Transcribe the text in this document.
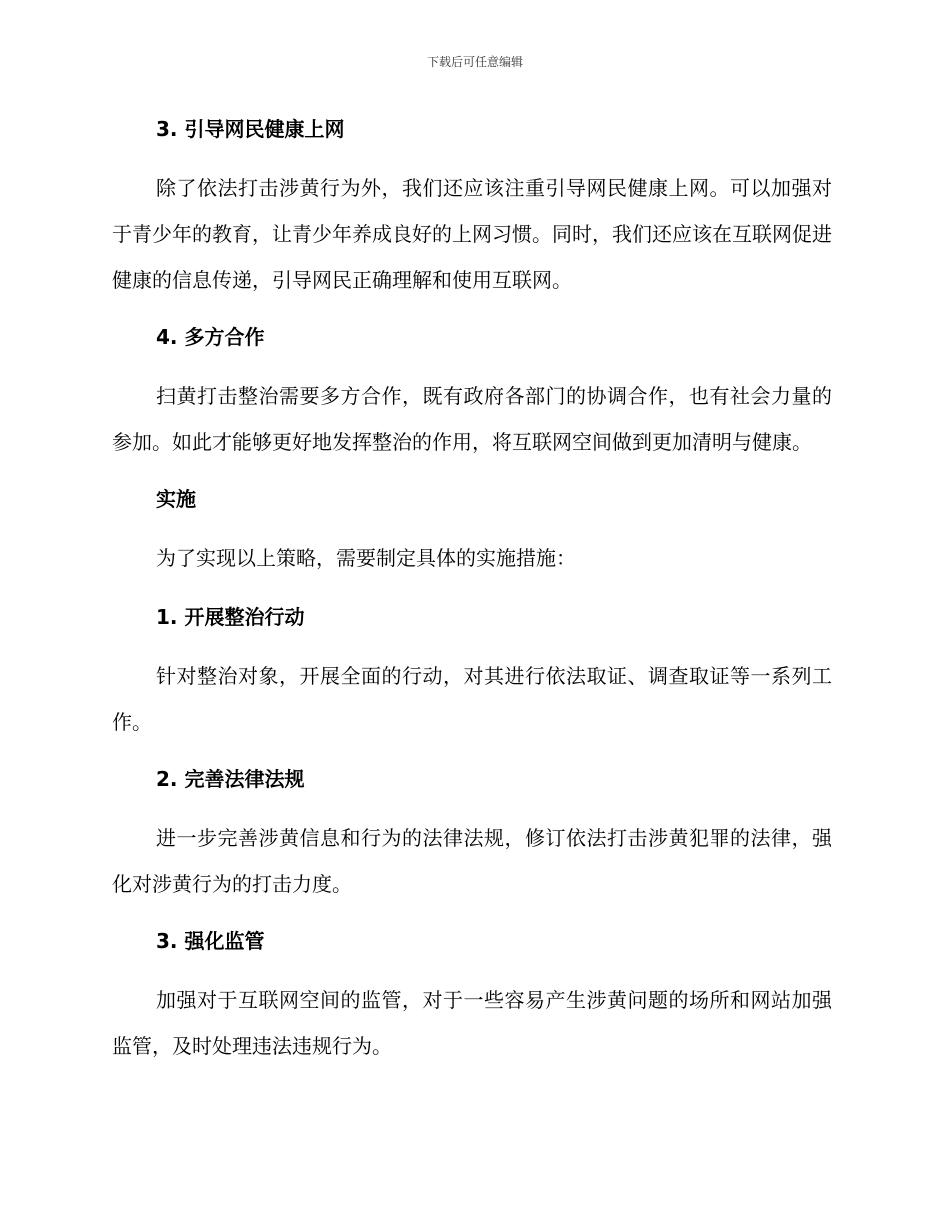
下载后可任意编辑
3. 引导网民健康上网

除了依法打击涉黄行为外，我们还应该注重引导网民健康上网。可以加强对于青少年的教育，让青少年养成良好的上网习惯。同时，我们还应该在互联网促进健康的信息传递，引导网民正确理解和使用互联网。

4. 多方合作

扫黄打击整治需要多方合作，既有政府各部门的协调合作，也有社会力量的参加。如此才能够更好地发挥整治的作用，将互联网空间做到更加清明与健康。

实施

为了实现以上策略，需要制定具体的实施措施：

1. 开展整治行动

针对整治对象，开展全面的行动，对其进行依法取证、调查取证等一系列工作。

2. 完善法律法规

进一步完善涉黄信息和行为的法律法规，修订依法打击涉黄犯罪的法律，强化对涉黄行为的打击力度。

3. 强化监管

加强对于互联网空间的监管，对于一些容易产生涉黄问题的场所和网站加强监管，及时处理违法违规行为。
